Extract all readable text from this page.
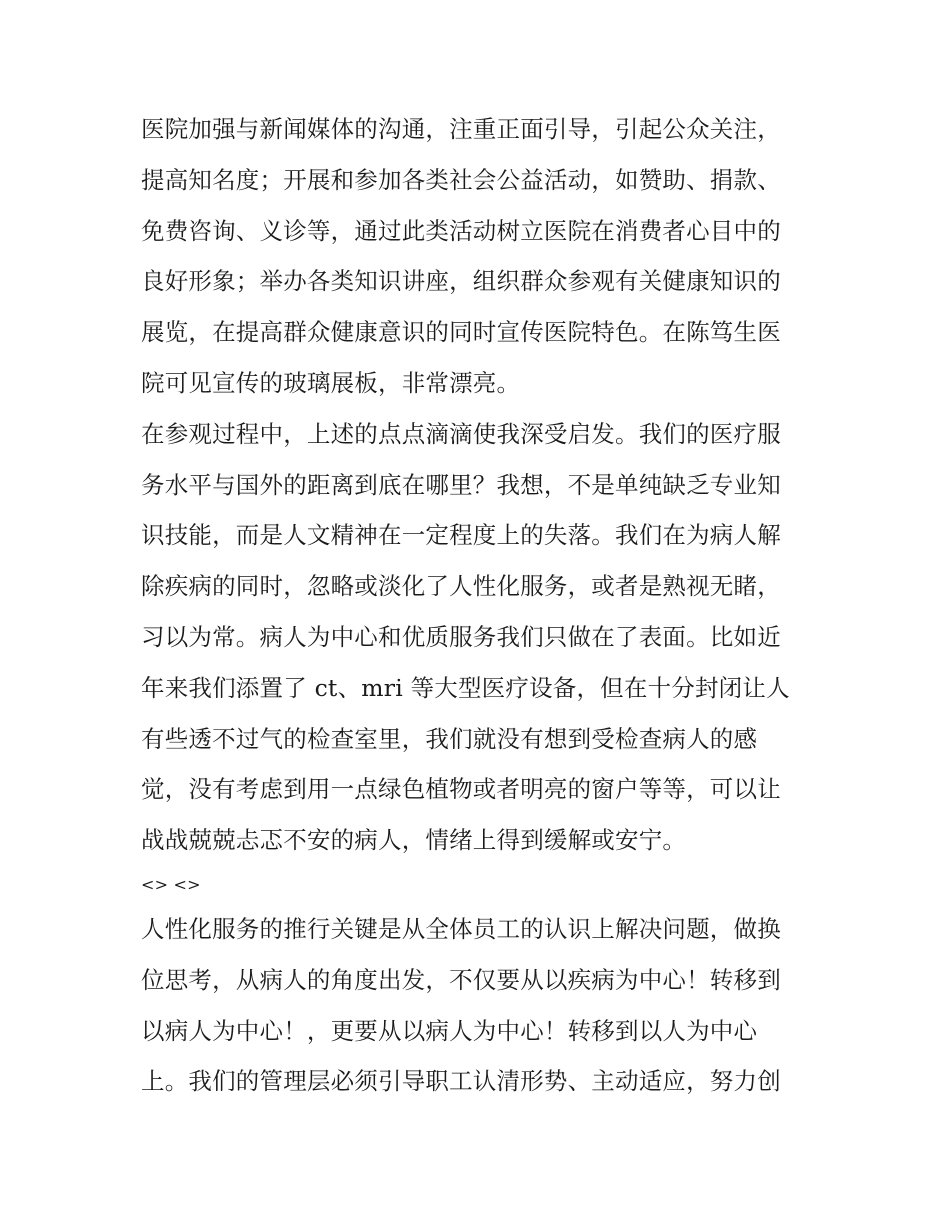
医院加强与新闻媒体的沟通，注重正面引导，引起公众关注，
提高知名度；开展和参加各类社会公益活动，如赞助、捐款、
免费咨询、义诊等，通过此类活动树立医院在消费者心目中的
良好形象；举办各类知识讲座，组织群众参观有关健康知识的
展览，在提高群众健康意识的同时宣传医院特色。在陈笃生医
院可见宣传的玻璃展板，非常漂亮。
在参观过程中，上述的点点滴滴使我深受启发。我们的医疗服
务水平与国外的距离到底在哪里？我想，不是单纯缺乏专业知
识技能，而是人文精神在一定程度上的失落。我们在为病人解
除疾病的同时，忽略或淡化了人性化服务，或者是熟视无睹，
习以为常。病人为中心和优质服务我们只做在了表面。比如近
年来我们添置了 ct、mri 等大型医疗设备，但在十分封闭让人
有些透不过气的检查室里，我们就没有想到受检查病人的感
觉，没有考虑到用一点绿色植物或者明亮的窗户等等，可以让
战战兢兢忐忑不安的病人，情绪上得到缓解或安宁。
<> <>
人性化服务的推行关键是从全体员工的认识上解决问题，做换
位思考，从病人的角度出发，不仅要从以疾病为中心！转移到
以病人为中心！，更要从以病人为中心！转移到以人为中心
上。我们的管理层必须引导职工认清形势、主动适应，努力创
